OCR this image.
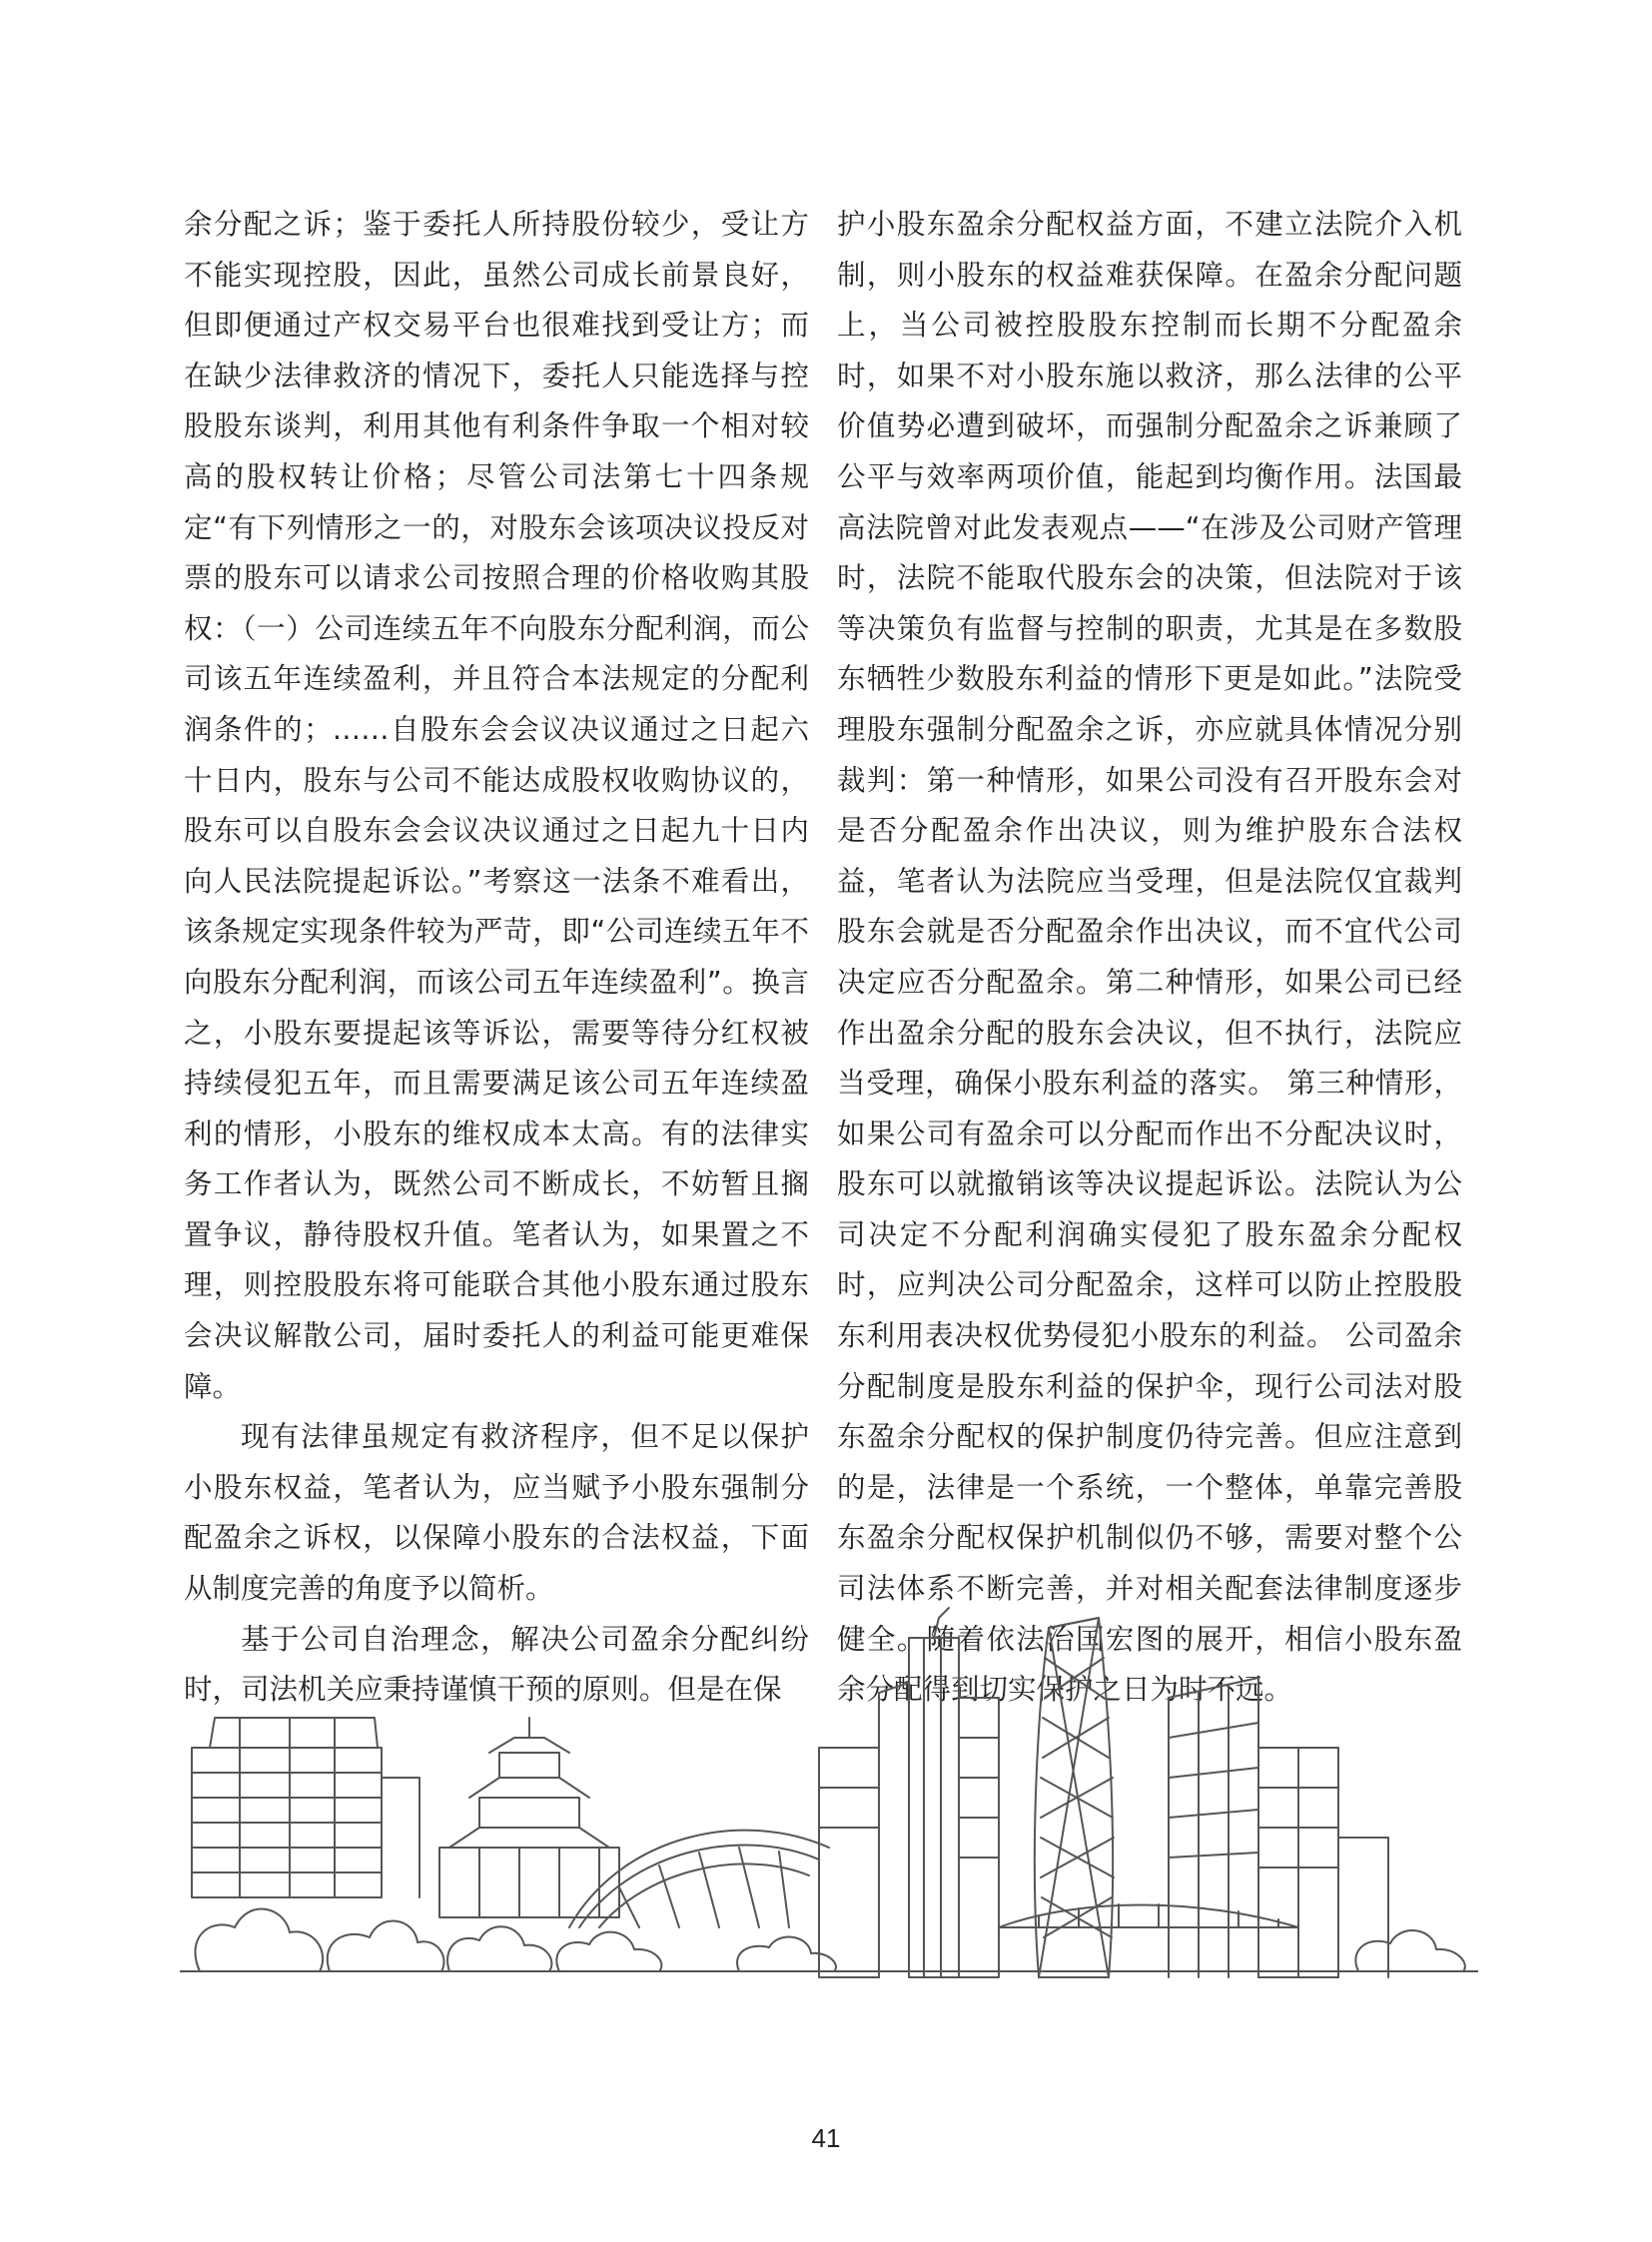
余分配之诉；鉴于委托人所持股份较少，受让方不能实现控股，因此，虽然公司成长前景良好，但即便通过产权交易平台也很难找到受让方；而在缺少法律救济的情况下，委托人只能选择与控股股东谈判，利用其他有利条件争取一个相对较高的股权转让价格；尽管公司法第七十四条规定“有下列情形之一的，对股东会该项决议投反对票的股东可以请求公司按照合理的价格收购其股权：（一）公司连续五年不向股东分配利润，而公司该五年连续盈利，并且符合本法规定的分配利润条件的；……自股东会会议决议通过之日起六十日内，股东与公司不能达成股权收购协议的，股东可以自股东会会议决议通过之日起九十日内向人民法院提起诉讼。”考察这一法条不难看出，该条规定实现条件较为严苛，即“公司连续五年不向股东分配利润，而该公司五年连续盈利”。换言之，小股东要提起该等诉讼，需要等待分红权被持续侵犯五年，而且需要满足该公司五年连续盈利的情形，小股东的维权成本太高。有的法律实务工作者认为，既然公司不断成长，不妨暂且搁置争议，静待股权升值。笔者认为，如果置之不理，则控股股东将可能联合其他小股东通过股东会决议解散公司，届时委托人的利益可能更难保障。

现有法律虽规定有救济程序，但不足以保护小股东权益，笔者认为，应当赋予小股东强制分配盈余之诉权，以保障小股东的合法权益，下面从制度完善的角度予以简析。

基于公司自治理念，解决公司盈余分配纠纷时，司法机关应秉持谨慎干预的原则。但是在保

护小股东盈余分配权益方面，不建立法院介入机制，则小股东的权益难获保障。在盈余分配问题上，当公司被控股股东控制而长期不分配盈余时，如果不对小股东施以救济，那么法律的公平价值势必遭到破坏，而强制分配盈余之诉兼顾了公平与效率两项价值，能起到均衡作用。法国最高法院曾对此发表观点——“在涉及公司财产管理时，法院不能取代股东会的决策，但法院对于该等决策负有监督与控制的职责，尤其是在多数股东牺牲少数股东利益的情形下更是如此。”法院受理股东强制分配盈余之诉，亦应就具体情况分别裁判：第一种情形，如果公司没有召开股东会对是否分配盈余作出决议，则为维护股东合法权益，笔者认为法院应当受理，但是法院仅宜裁判股东会就是否分配盈余作出决议，而不宜代公司决定应否分配盈余。第二种情形，如果公司已经作出盈余分配的股东会决议，但不执行，法院应当受理，确保小股东利益的落实。 第三种情形，如果公司有盈余可以分配而作出不分配决议时，股东可以就撤销该等决议提起诉讼。法院认为公司决定不分配利润确实侵犯了股东盈余分配权时，应判决公司分配盈余，这样可以防止控股股东利用表决权优势侵犯小股东的利益。 公司盈余分配制度是股东利益的保护伞，现行公司法对股东盈余分配权的保护制度仍待完善。但应注意到的是，法律是一个系统，一个整体，单靠完善股东盈余分配权保护机制似仍不够，需要对整个公司法体系不断完善，并对相关配套法律制度逐步健全。随着依法治国宏图的展开，相信小股东盈余分配得到切实保护之日为时不远。

41
